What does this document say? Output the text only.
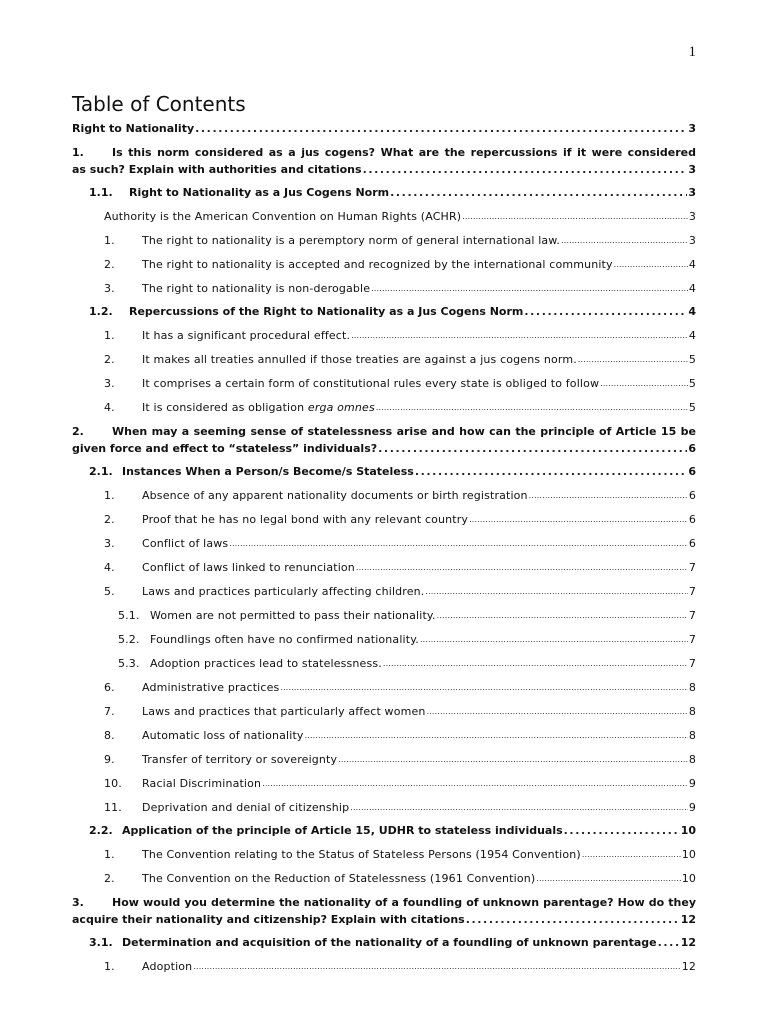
1
Table of Contents
Right to Nationality .....	3
1.	Is this norm considered as a jus cogens? What are the repercussions if it were considered
as such? Explain with authorities and citations .....	3
1.1. Right to Nationality as a Jus Cogens Norm .....	3
Authority is the American Convention on Human Rights (ACHR) .....	3
1. The right to nationality is a peremptory norm of general international law. .....	3
2. The right to nationality is accepted and recognized by the international community .....	4
3. The right to nationality is non-derogable .....	4
1.2. Repercussions of the Right to Nationality as a Jus Cogens Norm .....	4
1. It has a significant procedural effect. .....	4
2. It makes all treaties annulled if those treaties are against a jus cogens norm. .....	5
3. It comprises a certain form of constitutional rules every state is obliged to follow .....	5
4. It is considered as obligation erga omnes .....	5
2.	When may a seeming sense of statelessness arise and how can the principle of Article 15 be
given force and effect to “stateless” individuals? .....	6
2.1. Instances When a Person/s Become/s Stateless .....	6
1. Absence of any apparent nationality documents or birth registration .....	6
2. Proof that he has no legal bond with any relevant country .....	6
3. Conflict of laws .....	6
4. Conflict of laws linked to renunciation .....	7
5. Laws and practices particularly affecting children. .....	7
5.1. Women are not permitted to pass their nationality. .....	7
5.2. Foundlings often have no confirmed nationality. .....	7
5.3. Adoption practices lead to statelessness. .....	7
6. Administrative practices .....	8
7. Laws and practices that particularly affect women .....	8
8. Automatic loss of nationality .....	8
9. Transfer of territory or sovereignty .....	8
10. Racial Discrimination .....	9
11. Deprivation and denial of citizenship .....	9
2.2. Application of the principle of Article 15, UDHR to stateless individuals .....	10
1. The Convention relating to the Status of Stateless Persons (1954 Convention) .....	10
2. The Convention on the Reduction of Statelessness (1961 Convention) .....	10
3.	How would you determine the nationality of a foundling of unknown parentage? How do they
acquire their nationality and citizenship? Explain with citations .....	12
3.1. Determination and acquisition of the nationality of a foundling of unknown parentage ..... 12
1. Adoption .....	12
